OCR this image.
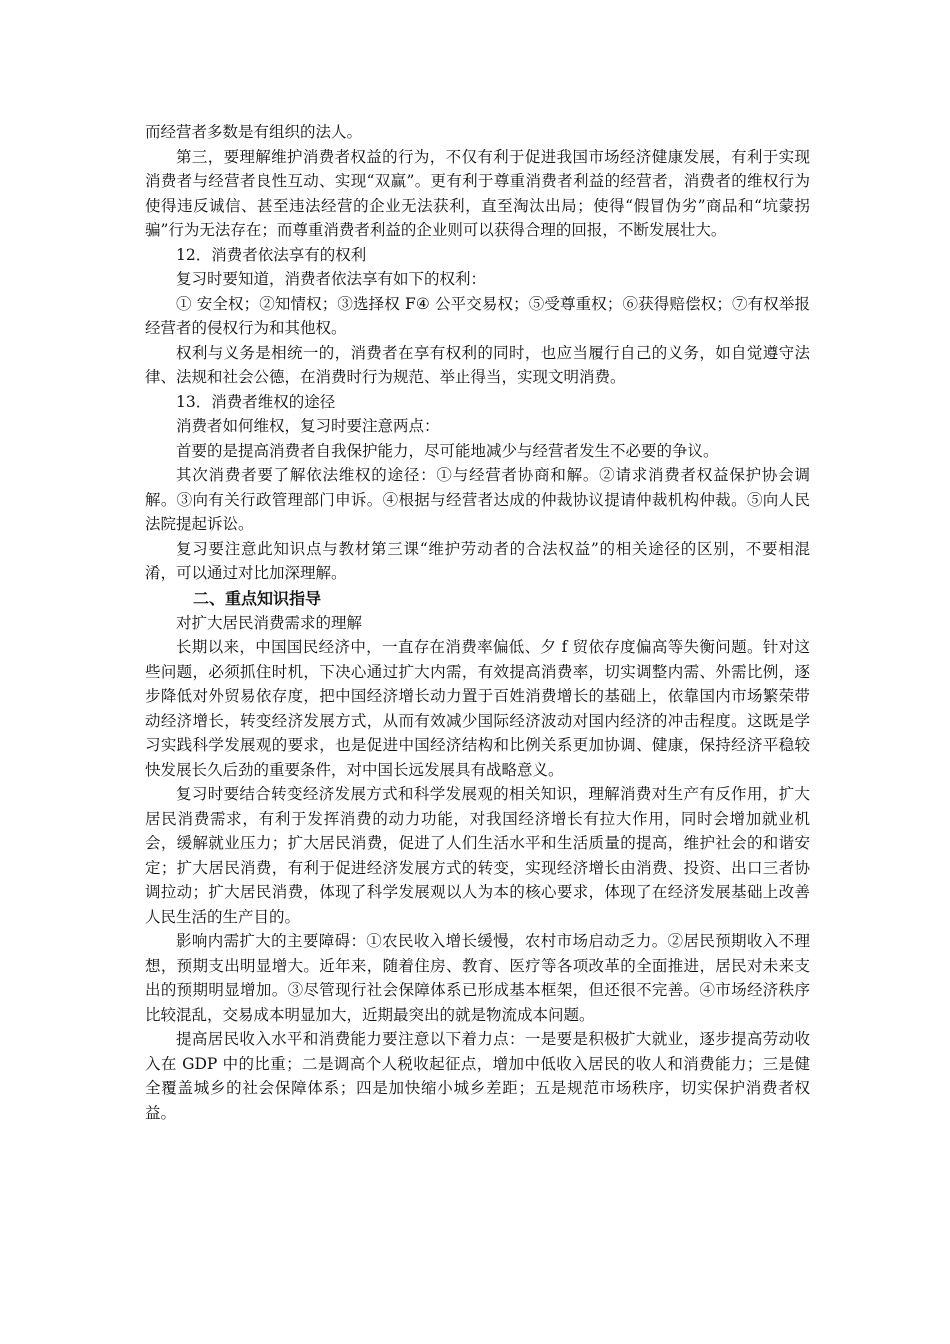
而经营者多数是有组织的法人。

第三，要理解维护消费者权益的行为，不仅有利于促进我国市场经济健康发展，有利于实现消费者与经营者良性互动、实现“双赢”。更有利于尊重消费者利益的经营者，消费者的维权行为使得违反诚信、甚至违法经营的企业无法获利，直至淘汰出局；使得“假冒伪劣”商品和“坑蒙拐骗”行为无法存在；而尊重消费者利益的企业则可以获得合理的回报，不断发展壮大。

12．消费者依法享有的权利

复习时要知道，消费者依法享有如下的权利：

① 安全权；②知情权；③选择权 F④ 公平交易权；⑤受尊重权；⑥获得赔偿权；⑦有权举报经营者的侵权行为和其他权。

权利与义务是相统一的，消费者在享有权利的同时，也应当履行自己的义务，如自觉遵守法律、法规和社会公德，在消费时行为规范、举止得当，实现文明消费。

13．消费者维权的途径

消费者如何维权，复习时要注意两点：

首要的是提高消费者自我保护能力，尽可能地减少与经营者发生不必要的争议。

其次消费者要了解依法维权的途径：①与经营者协商和解。②请求消费者权益保护协会调解。③向有关行政管理部门申诉。④根据与经营者达成的仲裁协议提请仲裁机构仲裁。⑤向人民法院提起诉讼。

复习要注意此知识点与教材第三课“维护劳动者的合法权益”的相关途径的区别，不要相混淆，可以通过对比加深理解。

二、重点知识指导

对扩大居民消费需求的理解

长期以来，中国国民经济中，一直存在消费率偏低、夕 f 贸依存度偏高等失衡问题。针对这些问题，必须抓住时机，下决心通过扩大内需，有效提高消费率，切实调整内需、外需比例，逐步降低对外贸易依存度，把中国经济增长动力置于百姓消费增长的基础上，依靠国内市场繁荣带动经济增长，转变经济发展方式，从而有效减少国际经济波动对国内经济的冲击程度。这既是学习实践科学发展观的要求，也是促进中国经济结构和比例关系更加协调、健康，保持经济平稳较快发展长久后劲的重要条件，对中国长远发展具有战略意义。

复习时要结合转变经济发展方式和科学发展观的相关知识，理解消费对生产有反作用，扩大居民消费需求，有利于发挥消费的动力功能，对我国经济增长有拉大作用，同时会增加就业机会，缓解就业压力；扩大居民消费，促进了人们生活水平和生活质量的提高，维护社会的和谐安定；扩大居民消费，有利于促进经济发展方式的转变，实现经济增长由消费、投资、出口三者协调拉动；扩大居民消费，体现了科学发展观以人为本的核心要求，体现了在经济发展基础上改善人民生活的生产目的。

影响内需扩大的主要障碍：①农民收入增长缓慢，农村市场启动乏力。②居民预期收入不理想，预期支出明显增大。近年来，随着住房、教育、医疗等各项改革的全面推进，居民对未来支出的预期明显增加。③尽管现行社会保障体系已形成基本框架，但还很不完善。④市场经济秩序比较混乱，交易成本明显加大，近期最突出的就是物流成本问题。

提高居民收入水平和消费能力要注意以下着力点：一是要是积极扩大就业，逐步提高劳动收入在 GDP 中的比重；二是调高个人税收起征点，增加中低收入居民的收人和消费能力；三是健全覆盖城乡的社会保障体系；四是加快缩小城乡差距；五是规范市场秩序，切实保护消费者权益。
